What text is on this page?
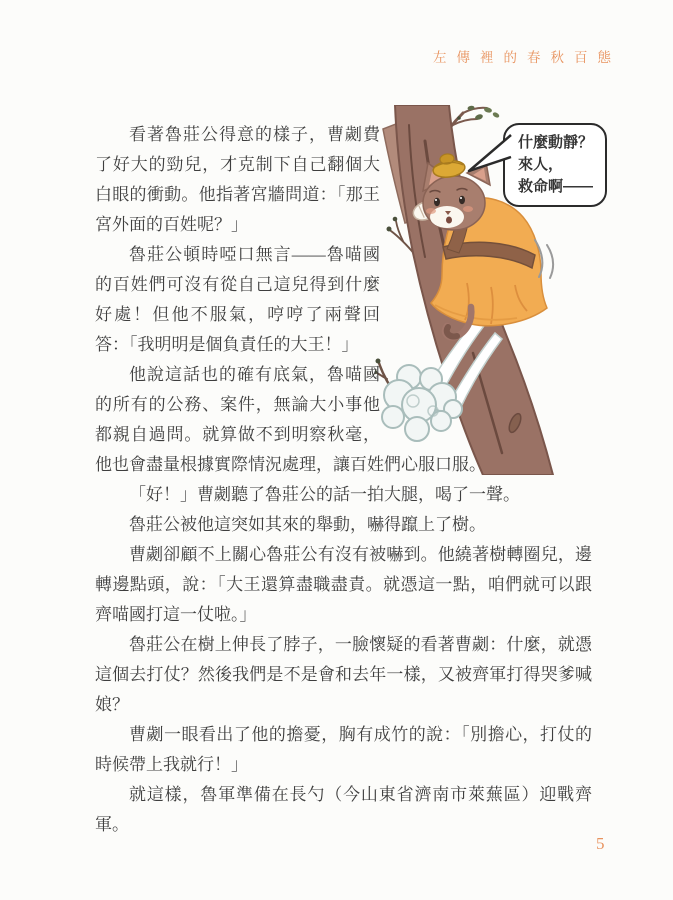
左傳裡的春秋百態

看著魯莊公得意的樣子，曹劌費了好大的勁兒，才克制下自己翻個大白眼的衝動。他指著宮牆問道：「那王宮外面的百姓呢？」

魯莊公頓時啞口無言——魯喵國的百姓們可沒有從自己這兒得到什麼好處！但他不服氣，哼哼了兩聲回答：「我明明是個負責任的大王！」

他說這話也的確有底氣，魯喵國的所有的公務、案件，無論大小事他都親自過問。就算做不到明察秋毫，他也會盡量根據實際情況處理，讓百姓們心服口服。

「好！」曹劌聽了魯莊公的話一拍大腿，喝了一聲。

魯莊公被他這突如其來的舉動，嚇得躥上了樹。

曹劌卻顧不上關心魯莊公有沒有被嚇到。他繞著樹轉圈兒，邊轉邊點頭，說：「大王還算盡職盡責。就憑這一點，咱們就可以跟齊喵國打這一仗啦。」

魯莊公在樹上伸長了脖子，一臉懷疑的看著曹劌：什麼，就憑這個去打仗？然後我們是不是會和去年一樣，又被齊軍打得哭爹喊娘？

曹劌一眼看出了他的擔憂，胸有成竹的說：「別擔心，打仗的時候帶上我就行！」

就這樣，魯軍準備在長勺（今山東省濟南市萊蕪區）迎戰齊軍。

什麼動靜？
來人，
救命啊——
5
